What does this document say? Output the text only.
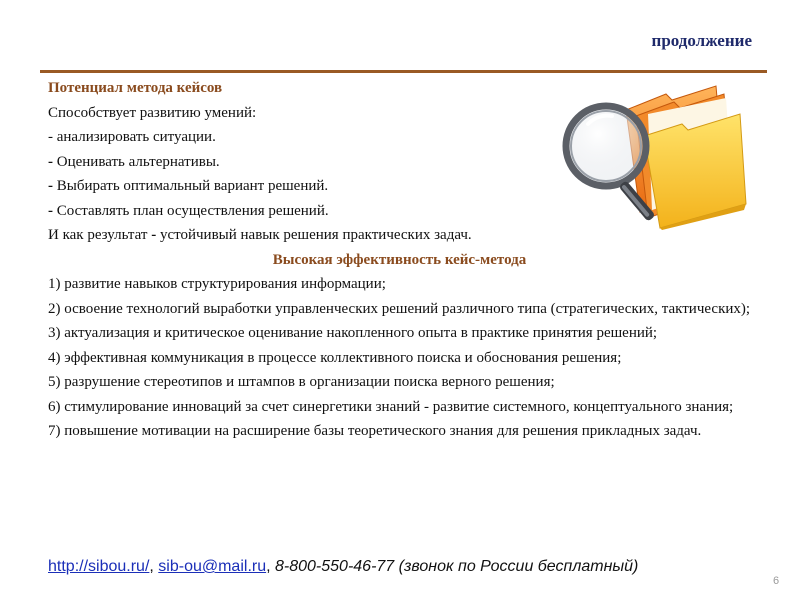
продолжение

Потенциал метода кейсов

Способствует развитию умений:

- анализировать ситуации.

- Оценивать альтернативы.

- Выбирать оптимальный вариант решений.

- Составлять план осуществления решений.

И как результат - устойчивый навык решения практических задач.

Высокая эффективность кейс-метода

1) развитие навыков структурирования информации;

2) освоение технологий выработки управленческих решений различного типа (стратегических, тактических);

3) актуализация и критическое оценивание накопленного опыта в практике принятия решений;

4) эффективная коммуникация в процессе коллективного поиска и обоснования решения;

5) разрушение стереотипов и штампов в организации поиска верного решения;

6) стимулирование инноваций за счет синергетики знаний - развитие системного, концептуального знания;

7) повышение мотивации на расширение базы теоретического знания для решения прикладных задач.

http://sibou.ru/, sib-ou@mail.ru, 8-800-550-46-77 (звонок по России бесплатный)
6
